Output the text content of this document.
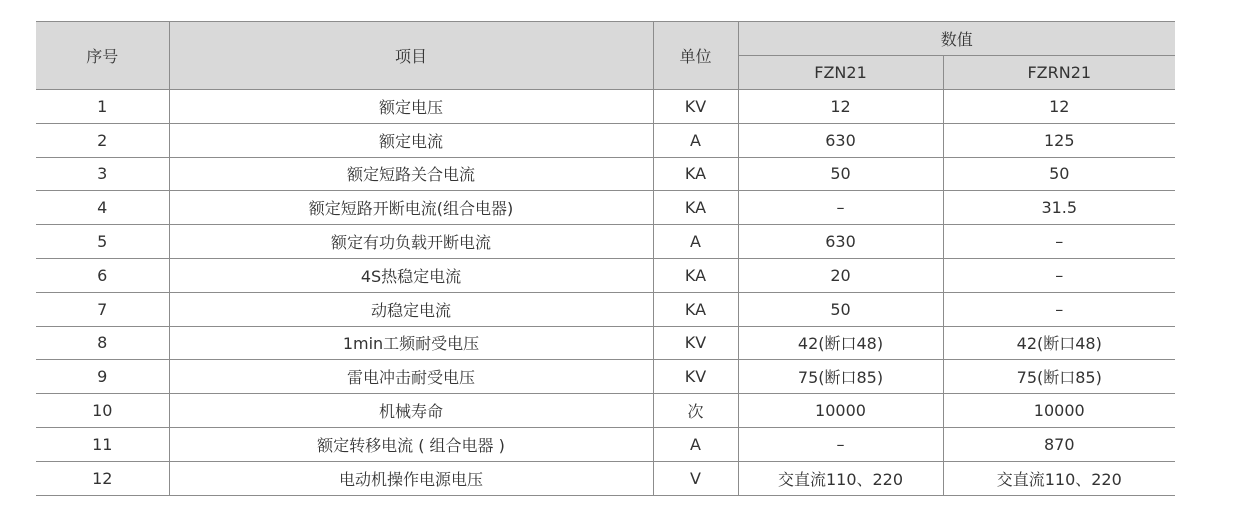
序号	项目	单位	数值	
			FZN21	FZRN21
1	额定电压	KV	12	12
2	额定电流	A	630	125
3	额定短路关合电流	KA	50	50
4	额定短路开断电流(组合电器)	KA	–	31.5
5	额定有功负载开断电流	A	630	–
6	4S热稳定电流	KA	20	–
7	动稳定电流	KA	50	–
8	1min工频耐受电压	KV	42(断口48)	42(断口48)
9	雷电冲击耐受电压	KV	75(断口85)	75(断口85)
10	机械寿命	次	10000	10000
11	额定转移电流 ( 组合电器 )	A	–	870
12	电动机操作电源电压	V	交直流110、220	交直流110、220
